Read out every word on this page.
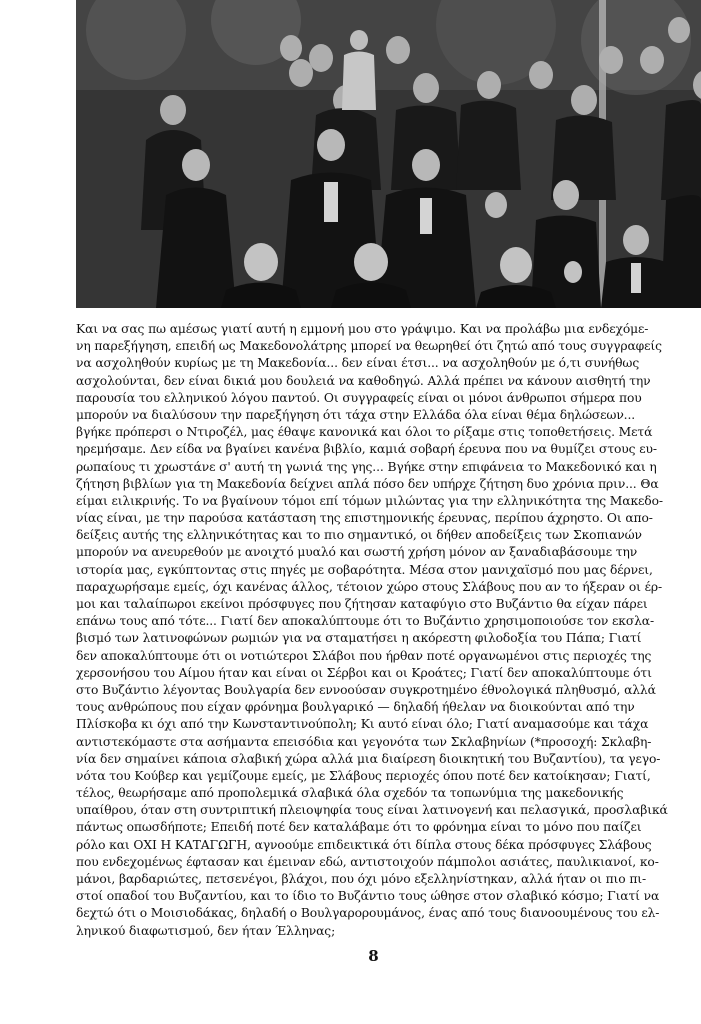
Και να σας πω αμέσως γιατί αυτή η εμμονή μου στο γράψιμο. Και να προλάβω μια ενδεχόμε-
νη παρεξήγηση, επειδή ως Μακεδονολάτρης μπορεί να θεωρηθεί ότι ζητώ από τους συγγραφείς
να ασχοληθούν κυρίως με τη Μακεδονία... δεν είναι έτσι... να ασχοληθούν με ό,τι συνήθως
ασχολούνται, δεν είναι δικιά μου δουλειά να καθοδηγώ. Αλλά πρέπει να κάνουν αισθητή την
παρουσία του ελληνικού λόγου παντού. Οι συγγραφείς είναι οι μόνοι άνθρωποι σήμερα που
μπορούν να διαλύσουν την παρεξήγηση ότι τάχα στην Ελλάδα όλα είναι θέμα δηλώσεων...
βγήκε πρόπερσι ο Ντιροζέλ, μας έθαψε κανονικά και όλοι το ρίξαμε στις τοποθετήσεις. Μετά
ηρεμήσαμε. Δεν είδα να βγαίνει κανένα βιβλίο, καμιά σοβαρή έρευνα που να θυμίζει στους ευ-
ρωπαίους τι χρωστάνε σ' αυτή τη γωνιά της γης... Βγήκε στην επιφάνεια το Μακεδονικό και η
ζήτηση βιβλίων για τη Μακεδονία δείχνει απλά πόσο δεν υπήρχε ζήτηση δυο χρόνια πριν... Θα
είμαι ειλικρινής. Το να βγαίνουν τόμοι επί τόμων μιλώντας για την ελληνικότητα της Μακεδο-
νίας είναι, με την παρούσα κατάσταση της επιστημονικής έρευνας, περίπου άχρηστο. Οι απο-
δείξεις αυτής της ελληνικότητας και το πιο σημαντικό, οι δήθεν αποδείξεις των Σκοπιανών
μπορούν να ανευρεθούν με ανοιχτό μυαλό και σωστή χρήση μόνον αν ξαναδιαβάσουμε την
ιστορία μας, εγκύπτοντας στις πηγές με σοβαρότητα. Μέσα στον μανιχαϊσμό που μας δέρνει,
παραχωρήσαμε εμείς, όχι κανένας άλλος, τέτοιον χώρο στους Σλάβους που αν το ήξεραν οι έρ-
μοι και ταλαίπωροι εκείνοι πρόσφυγες που ζήτησαν καταφύγιο στο Βυζάντιο θα είχαν πάρει
επάνω τους από τότε... Γιατί δεν αποκαλύπτουμε ότι το Βυζάντιο χρησιμοποιούσε τον εκσλα-
βισμό των λατινοφώνων ρωμιών για να σταματήσει η ακόρεστη φιλοδοξία του Πάπα; Γιατί
δεν αποκαλύπτουμε ότι οι νοτιώτεροι Σλάβοι που ήρθαν ποτέ οργανωμένοι στις περιοχές της
χερσονήσου του Αίμου ήταν και είναι οι Σέρβοι και οι Κροάτες; Γιατί δεν αποκαλύπτουμε ότι
στο Βυζάντιο λέγοντας Βουλγαρία δεν εννοούσαν συγκροτημένο έθνολογικά πληθυσμό, αλλά
τους ανθρώπους που είχαν φρόνημα βουλγαρικό — δηλαδή ήθελαν να διοικούνται από την
Πλίσκοβα κι όχι από την Κωνσταντινούπολη; Κι αυτό είναι όλο; Γιατί αναμασούμε και τάχα
αντιστεκόμαστε στα ασήμαντα επεισόδια και γεγονότα των Σκλαβηνίων (*προσοχή: Σκλαβη-
νία δεν σημαίνει κάποια σλαβική χώρα αλλά μια διαίρεση διοικητική του Βυζαντίου), τα γεγο-
νότα του Κούβερ και γεμίζουμε εμείς, με Σλάβους περιοχές όπου ποτέ δεν κατοίκησαν; Γιατί,
τέλος, θεωρήσαμε από προπολεμικά σλαβικά όλα σχεδόν τα τοπωνύμια της μακεδονικής
υπαίθρου, όταν στη συντριπτική πλειοψηφία τους είναι λατινογενή και πελασγικά, προσλαβικά
πάντως οπωσδήποτε; Επειδή ποτέ δεν καταλάβαμε ότι το φρόνημα είναι το μόνο που παίζει
ρόλο και ΟΧΙ Η ΚΑΤΑΓΩΓΗ, αγνοούμε επιδεικτικά ότι δίπλα στους δέκα πρόσφυγες Σλάβους
που ενδεχομένως έφτασαν και έμειναν εδώ, αντιστοιχούν πάμπολοι ασιάτες, παυλικιανοί, κο-
μάνοι, βαρδαριώτες, πετσενέγοι, βλάχοι, που όχι μόνο εξελληνίστηκαν, αλλά ήταν οι πιο πι-
στοί οπαδοί του Βυζαντίου, και το ίδιο το Βυζάντιο τους ώθησε στον σλαβικό κόσμο; Γιατί να
δεχτώ ότι ο Μοισιοδάκας, δηλαδή ο Βουλγαρορουμάνος, ένας από τους διανοουμένους του ελ-
ληνικού διαφωτισμού, δεν ήταν Έλληνας;
8
